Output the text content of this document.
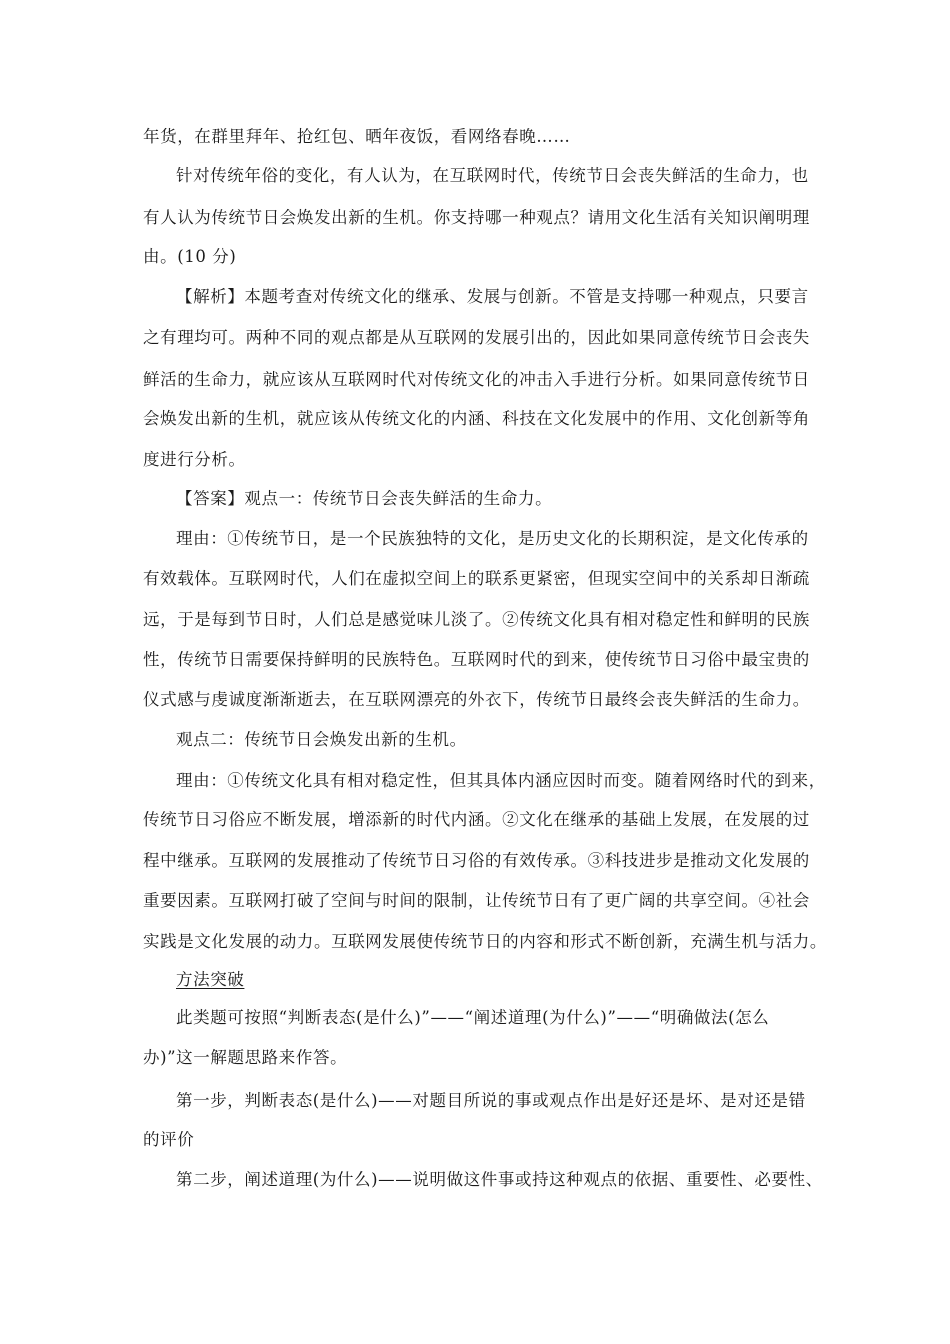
年货，在群里拜年、抢红包、晒年夜饭，看网络春晚……
针对传统年俗的变化，有人认为，在互联网时代，传统节日会丧失鲜活的生命力，也
有人认为传统节日会焕发出新的生机。你支持哪一种观点？请用文化生活有关知识阐明理
由。(10 分)
【解析】本题考查对传统文化的继承、发展与创新。不管是支持哪一种观点，只要言
之有理均可。两种不同的观点都是从互联网的发展引出的，因此如果同意传统节日会丧失
鲜活的生命力，就应该从互联网时代对传统文化的冲击入手进行分析。如果同意传统节日
会焕发出新的生机，就应该从传统文化的内涵、科技在文化发展中的作用、文化创新等角
度进行分析。
【答案】观点一：传统节日会丧失鲜活的生命力。
理由：①传统节日，是一个民族独特的文化，是历史文化的长期积淀，是文化传承的
有效载体。互联网时代，人们在虚拟空间上的联系更紧密，但现实空间中的关系却日渐疏
远，于是每到节日时，人们总是感觉味儿淡了。②传统文化具有相对稳定性和鲜明的民族
性，传统节日需要保持鲜明的民族特色。互联网时代的到来，使传统节日习俗中最宝贵的
仪式感与虔诚度渐渐逝去，在互联网漂亮的外衣下，传统节日最终会丧失鲜活的生命力。
观点二：传统节日会焕发出新的生机。
理由：①传统文化具有相对稳定性，但其具体内涵应因时而变。随着网络时代的到来，
传统节日习俗应不断发展，增添新的时代内涵。②文化在继承的基础上发展，在发展的过
程中继承。互联网的发展推动了传统节日习俗的有效传承。③科技进步是推动文化发展的
重要因素。互联网打破了空间与时间的限制，让传统节日有了更广阔的共享空间。④社会
实践是文化发展的动力。互联网发展使传统节日的内容和形式不断创新，充满生机与活力。
方法突破
此类题可按照“判断表态(是什么)”——“阐述道理(为什么)”——“明确做法(怎么
办)”这一解题思路来作答。
第一步，判断表态(是什么)——对题目所说的事或观点作出是好还是坏、是对还是错
的评价
第二步，阐述道理(为什么)——说明做这件事或持这种观点的依据、重要性、必要性、
